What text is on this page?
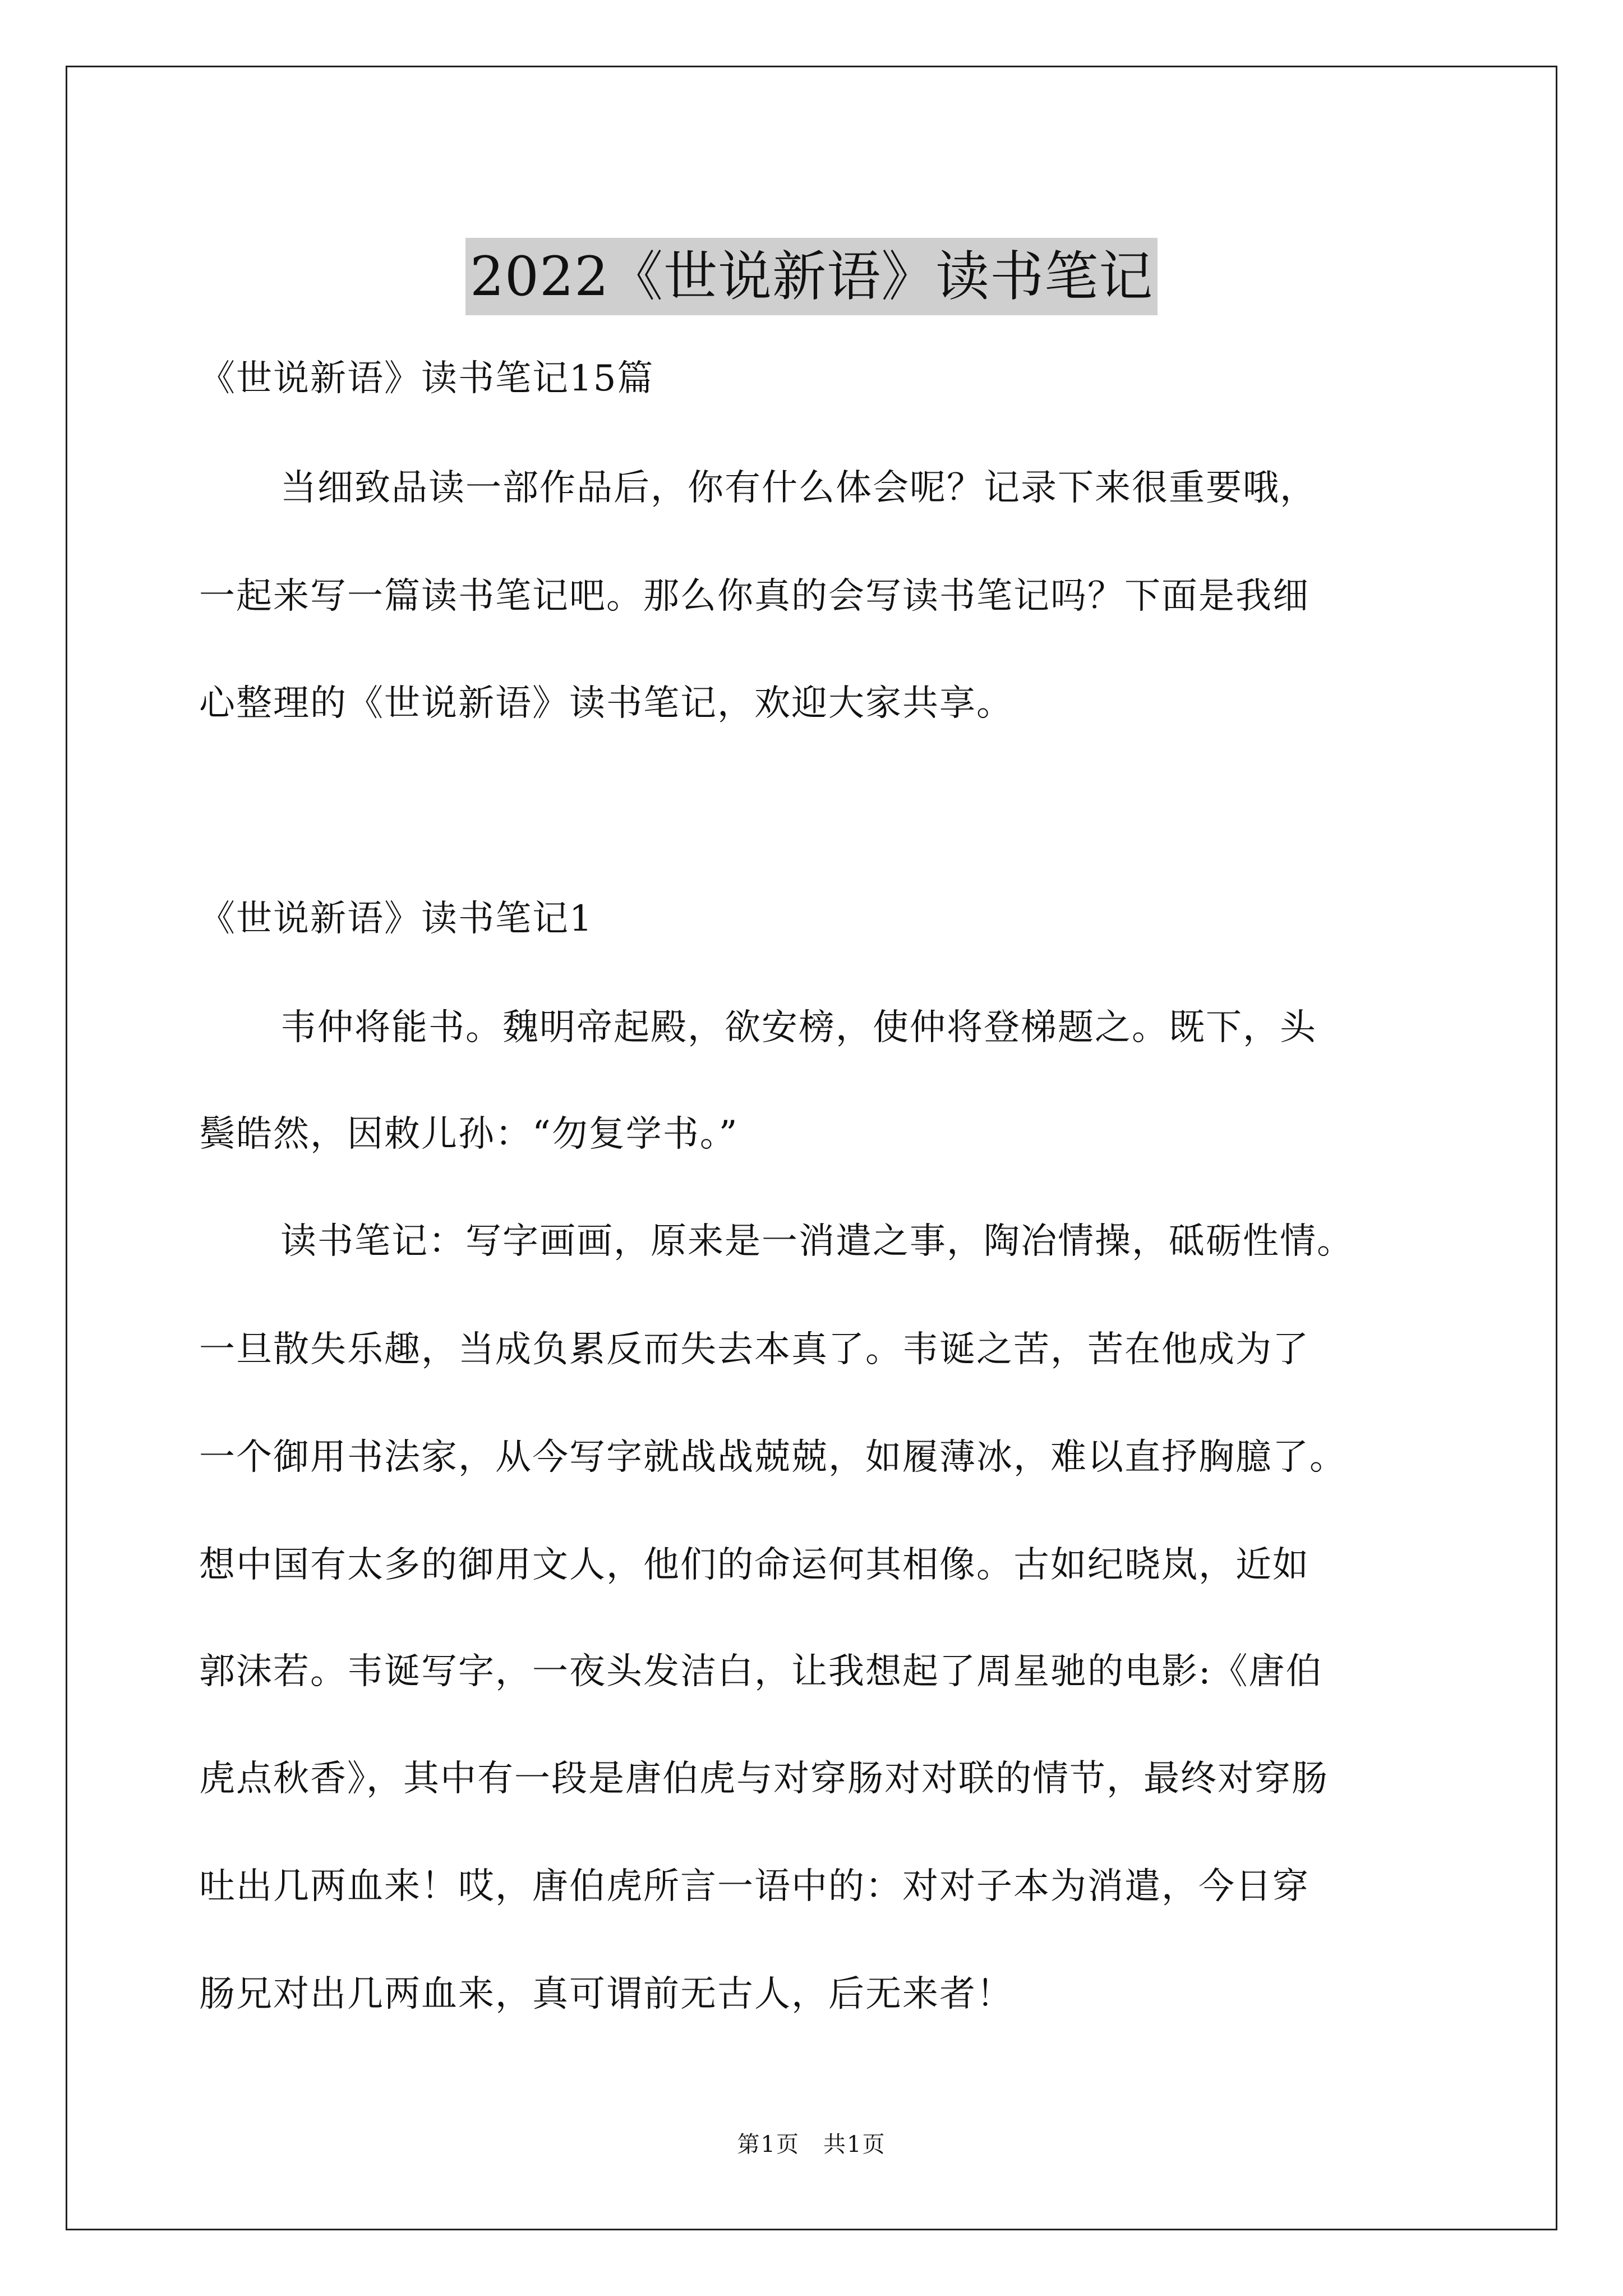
2022《世说新语》读书笔记
《世说新语》读书笔记15篇
当细致品读一部作品后，你有什么体会呢？记录下来很重要哦，
一起来写一篇读书笔记吧。那么你真的会写读书笔记吗？下面是我细
心整理的《世说新语》读书笔记，欢迎大家共享。
《世说新语》读书笔记1
韦仲将能书。魏明帝起殿，欲安榜，使仲将登梯题之。既下，头
鬓皓然，因敕儿孙：“勿复学书。”
读书笔记：写字画画，原来是一消遣之事，陶冶情操，砥砺性情。
一旦散失乐趣，当成负累反而失去本真了。韦诞之苦，苦在他成为了
一个御用书法家，从今写字就战战兢兢，如履薄冰，难以直抒胸臆了。
想中国有太多的御用文人，他们的命运何其相像。古如纪晓岚，近如
郭沫若。韦诞写字，一夜头发洁白，让我想起了周星驰的电影:《唐伯
虎点秋香》，其中有一段是唐伯虎与对穿肠对对联的情节，最终对穿肠
吐出几两血来！哎，唐伯虎所言一语中的：对对子本为消遣，今日穿
肠兄对出几两血来，真可谓前无古人，后无来者！
第1页　共1页
